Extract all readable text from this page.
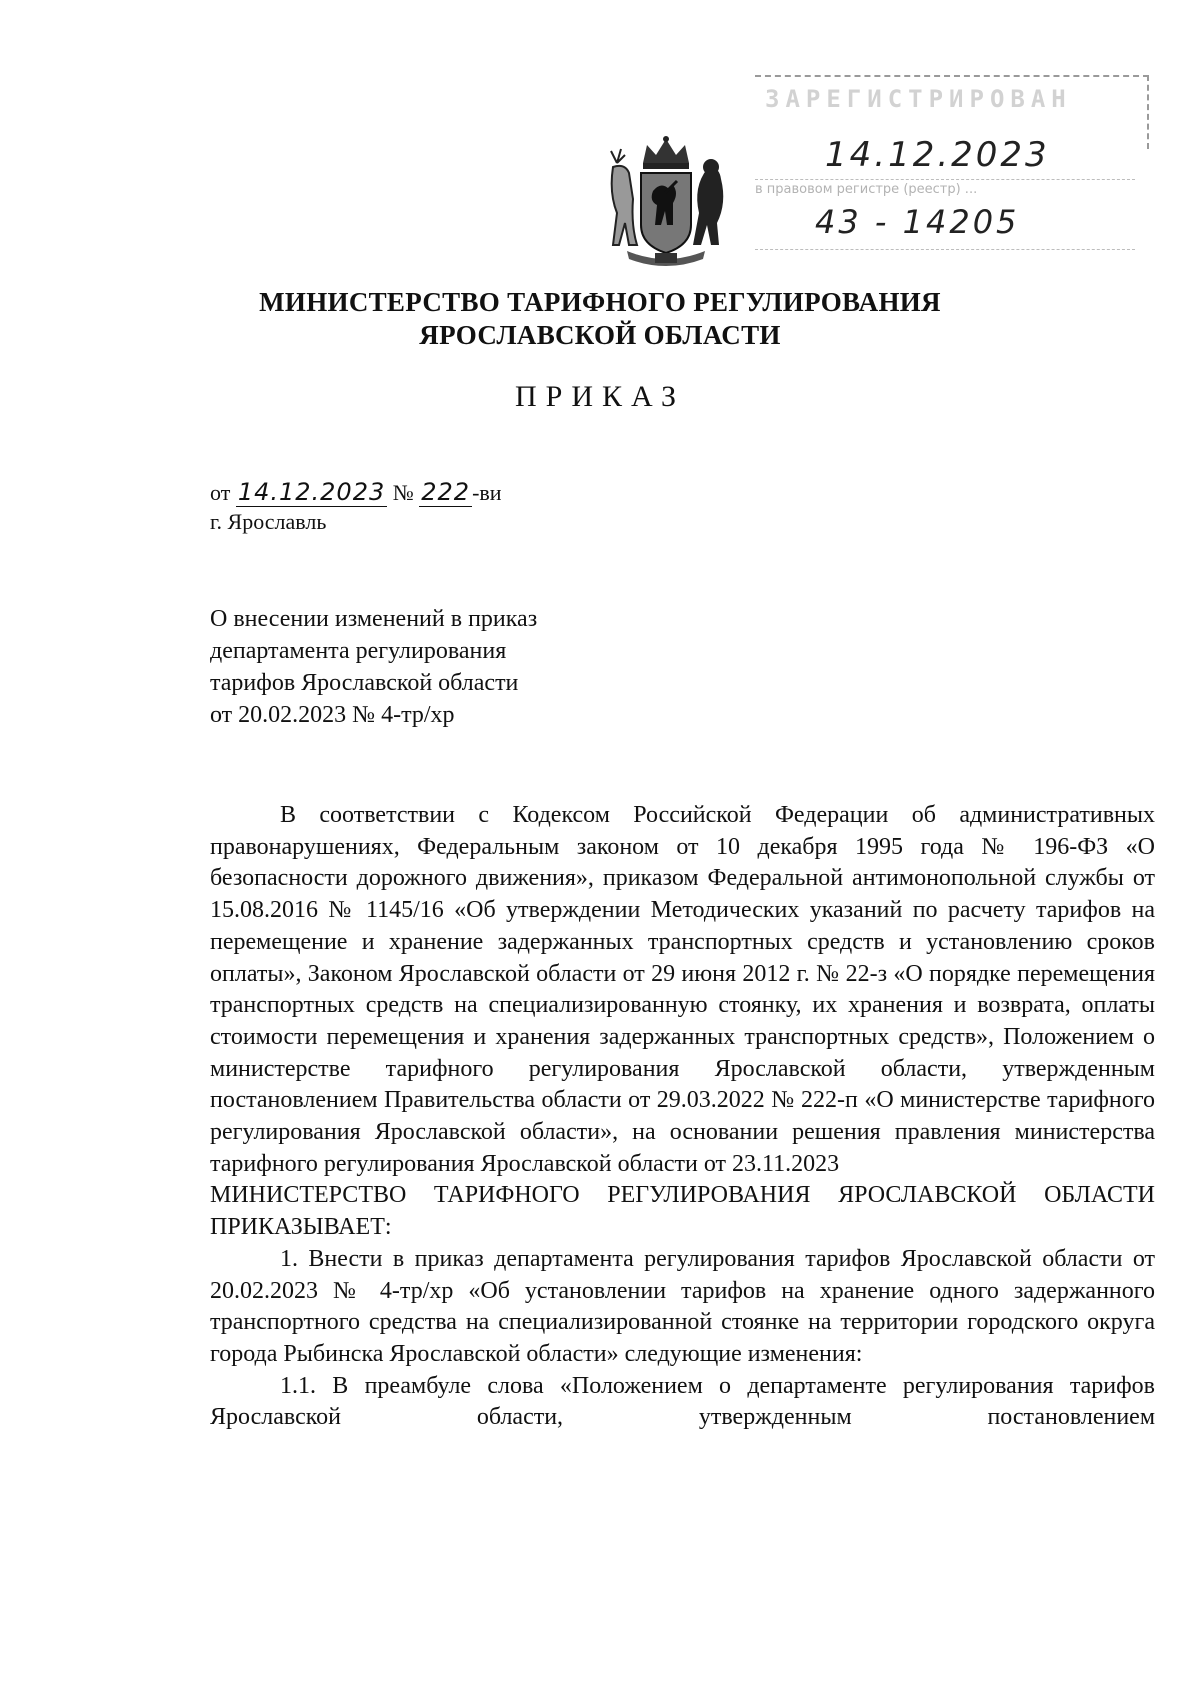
ЗАРЕГИСТРИРОВАН
14.12.2023
в правовом регистре (реестр) ...
43 - 14205
МИНИСТЕРСТВО ТАРИФНОГО РЕГУЛИРОВАНИЯ
ЯРОСЛАВСКОЙ ОБЛАСТИ
ПРИКАЗ
от 14.12.2023 № 222-ви
г. Ярославль
О внесении изменений в приказ
департамента регулирования
тарифов Ярославской области
от 20.02.2023 № 4-тр/хр

В соответствии с Кодексом Российской Федерации об административных правонарушениях, Федеральным законом от 10 декабря 1995 года № 196-ФЗ «О безопасности дорожного движения», приказом Федеральной антимонопольной службы от 15.08.2016 № 1145/16 «Об утверждении Методических указаний по расчету тарифов на перемещение и хранение задержанных транспортных средств и установлению сроков оплаты», Законом Ярославской области от 29 июня 2012 г. № 22-з «О порядке перемещения транспортных средств на специализированную стоянку, их хранения и возврата, оплаты стоимости перемещения и хранения задержанных транспортных средств», Положением о министерстве тарифного регулирования Ярославской области, утвержденным постановлением Правительства области от 29.03.2022 № 222-п «О министерстве тарифного регулирования Ярославской области», на основании решения правления министерства тарифного регулирования Ярославской области от 23.11.2023

МИНИСТЕРСТВО ТАРИФНОГО РЕГУЛИРОВАНИЯ ЯРОСЛАВСКОЙ ОБЛАСТИ ПРИКАЗЫВАЕТ:

1. Внести в приказ департамента регулирования тарифов Ярославской области от 20.02.2023 № 4-тр/хр «Об установлении тарифов на хранение одного задержанного транспортного средства на специализированной стоянке на территории городского округа города Рыбинска Ярославской области» следующие изменения:

1.1. В преамбуле слова «Положением о департаменте регулирования тарифов Ярославской области, утвержденным постановлением
